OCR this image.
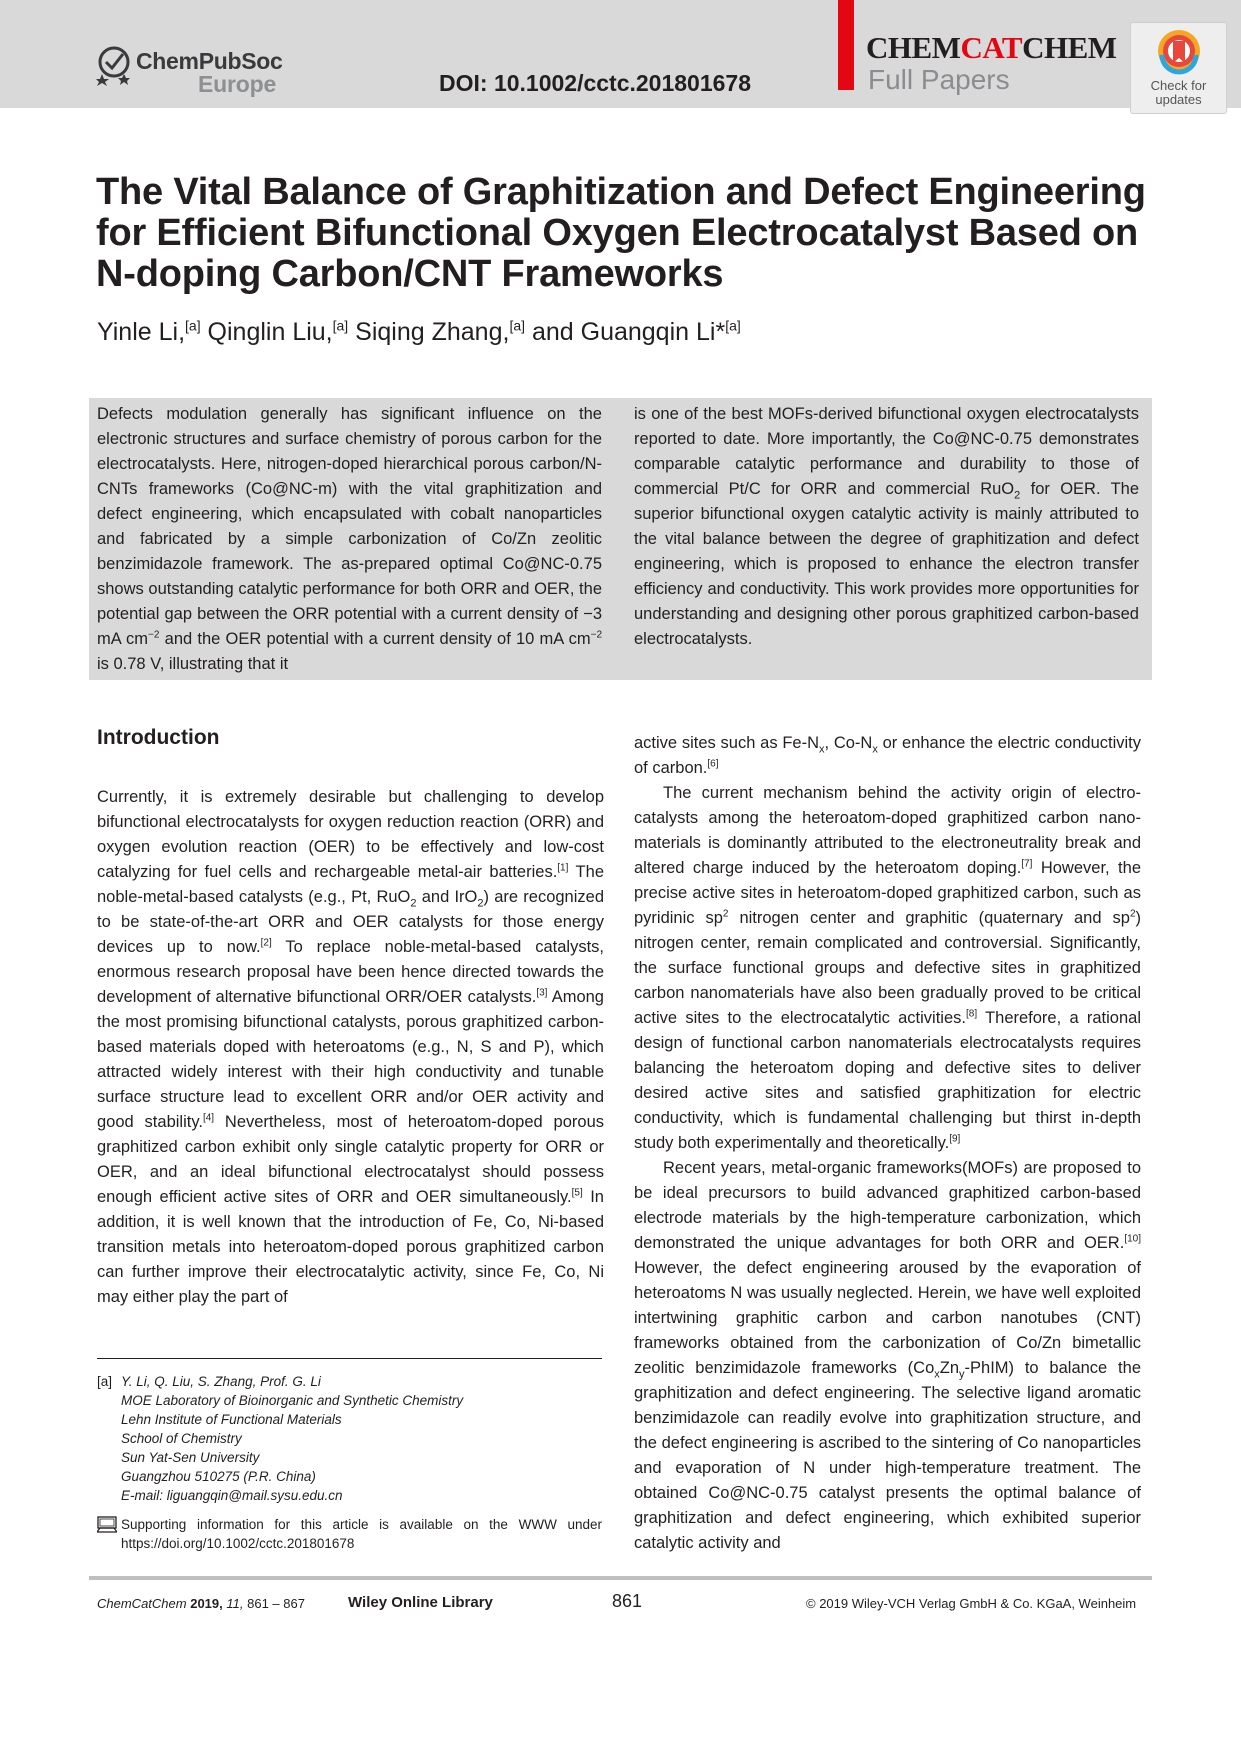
ChemPubSoc
Europe	DOI: 10.1002/cctc.201801678
CHEMCATCHEM
Full Papers	Check for
updates
The Vital Balance of Graphitization and Defect Engineering for Efficient Bifunctional Oxygen Electrocatalyst Based on N-doping Carbon/CNT Frameworks
Yinle Li,[a] Qinglin Liu,[a] Siqing Zhang,[a] and Guangqin Li*[a]
Defects modulation generally has significant influence on the electronic structures and surface chemistry of porous carbon for the electrocatalysts. Here, nitrogen-doped hierarchical porous carbon/N-CNTs frameworks (Co@NC-m) with the vital graphitization and defect engineering, which encapsulated with cobalt nanoparticles and fabricated by a simple carbonization of Co/Zn zeolitic benzimidazole framework. The as-prepared optimal Co@NC-0.75 shows outstanding catalytic performance for both ORR and OER, the potential gap between the ORR potential with a current density of −3 mA $cm^{-2}$ and the OER potential with a current density of 10 mA $cm^{-2}$ is 0.78 V, illustrating that it
is one of the best MOFs-derived bifunctional oxygen electrocatalysts reported to date. More importantly, the Co@NC-0.75 demonstrates comparable catalytic performance and durability to those of commercial Pt/C for ORR and commercial RuO$_2$ for OER. The superior bifunctional oxygen catalytic activity is mainly attributed to the vital balance between the degree of graphitization and defect engineering, which is proposed to enhance the electron transfer efficiency and conductivity. This work provides more opportunities for understanding and designing other porous graphitized carbon-based electrocatalysts.
Introduction

Currently, it is extremely desirable but challenging to develop bifunctional electrocatalysts for oxygen reduction reaction (ORR) and oxygen evolution reaction (OER) to be effectively and low-cost catalyzing for fuel cells and rechargeable metal-air batteries.[1] The noble-metal-based catalysts (e.g., Pt, RuO$_2$ and IrO$_2$) are recognized to be state-of-the-art ORR and OER catalysts for those energy devices up to now.[2] To replace noble-metal-based catalysts, enormous research proposal have been hence directed towards the development of alternative bifunctional ORR/OER catalysts.[3] Among the most promising bifunctional catalysts, porous graphitized carbon-based materials doped with heteroatoms (e.g., N, S and P), which attracted widely interest with their high conductivity and tunable surface structure lead to excellent ORR and/or OER activity and good stability.[4] Nevertheless, most of heteroatom-doped porous graphitized carbon exhibit only single catalytic property for ORR or OER, and an ideal bifunctional electrocatalyst should possess enough efficient active sites of ORR and OER simultaneously.[5] In addition, it is well known that the introduction of Fe, Co, Ni-based transition metals into heteroatom-doped porous graphitized carbon can further improve their electrocatalytic activity, since Fe, Co, Ni may either play the part of

active sites such as $Fe-N_x$, $Co-N_x$ or enhance the electric conductivity of carbon.[6]

The current mechanism behind the activity origin of electrocatalysts among the heteroatom-doped graphitized carbon nanomaterials is dominantly attributed to the electroneutrality break and altered charge induced by the heteroatom doping.[7] However, the precise active sites in heteroatom-doped graphitized carbon, such as pyridinic $sp^2$ nitrogen center and graphitic (quaternary and $sp^2$) nitrogen center, remain complicated and controversial. Significantly, the surface functional groups and defective sites in graphitized carbon nanomaterials have also been gradually proved to be critical active sites to the electrocatalytic activities.[8] Therefore, a rational design of functional carbon nanomaterials electrocatalysts requires balancing the heteroatom doping and defective sites to deliver desired active sites and satisfied graphitization for electric conductivity, which is fundamental challenging but thirst in-depth study both experimentally and theoretically.[9]

Recent years, metal-organic frameworks(MOFs) are proposed to be ideal precursors to build advanced graphitized carbon-based electrode materials by the high-temperature carbonization, which demonstrated the unique advantages for both ORR and OER.[10] However, the defect engineering aroused by the evaporation of heteroatoms N was usually neglected. Herein, we have well exploited intertwining graphitic carbon and carbon nanotubes (CNT) frameworks obtained from the carbonization of Co/Zn bimetallic zeolitic benzimidazole frameworks $(Co_xZn_y-PhIM)$ to balance the graphitization and defect engineering. The selective ligand aromatic benzimidazole can readily evolve into graphitization structure, and the defect engineering is ascribed to the sintering of Co nanoparticles and evaporation of N under high-temperature treatment. The obtained Co@NC-0.75 catalyst presents the optimal balance of graphitization and defect engineering, which exhibited superior catalytic activity and

[a] Y. Li, Q. Liu, S. Zhang, Prof. G. Li
MOE Laboratory of Bioinorganic and Synthetic Chemistry
Lehn Institute of Functional Materials
School of Chemistry
Sun Yat-Sen University
Guangzhou 510275 (P.R. China)
E-mail: liguangqin@mail.sysu.edu.cn
Supporting information for this article is available on the WWW under https://doi.org/10.1002/cctc.201801678
ChemCatChem 2019, 11, 861 – 867	Wiley Online Library	861	© 2019 Wiley-VCH Verlag GmbH & Co. KGaA, Weinheim
